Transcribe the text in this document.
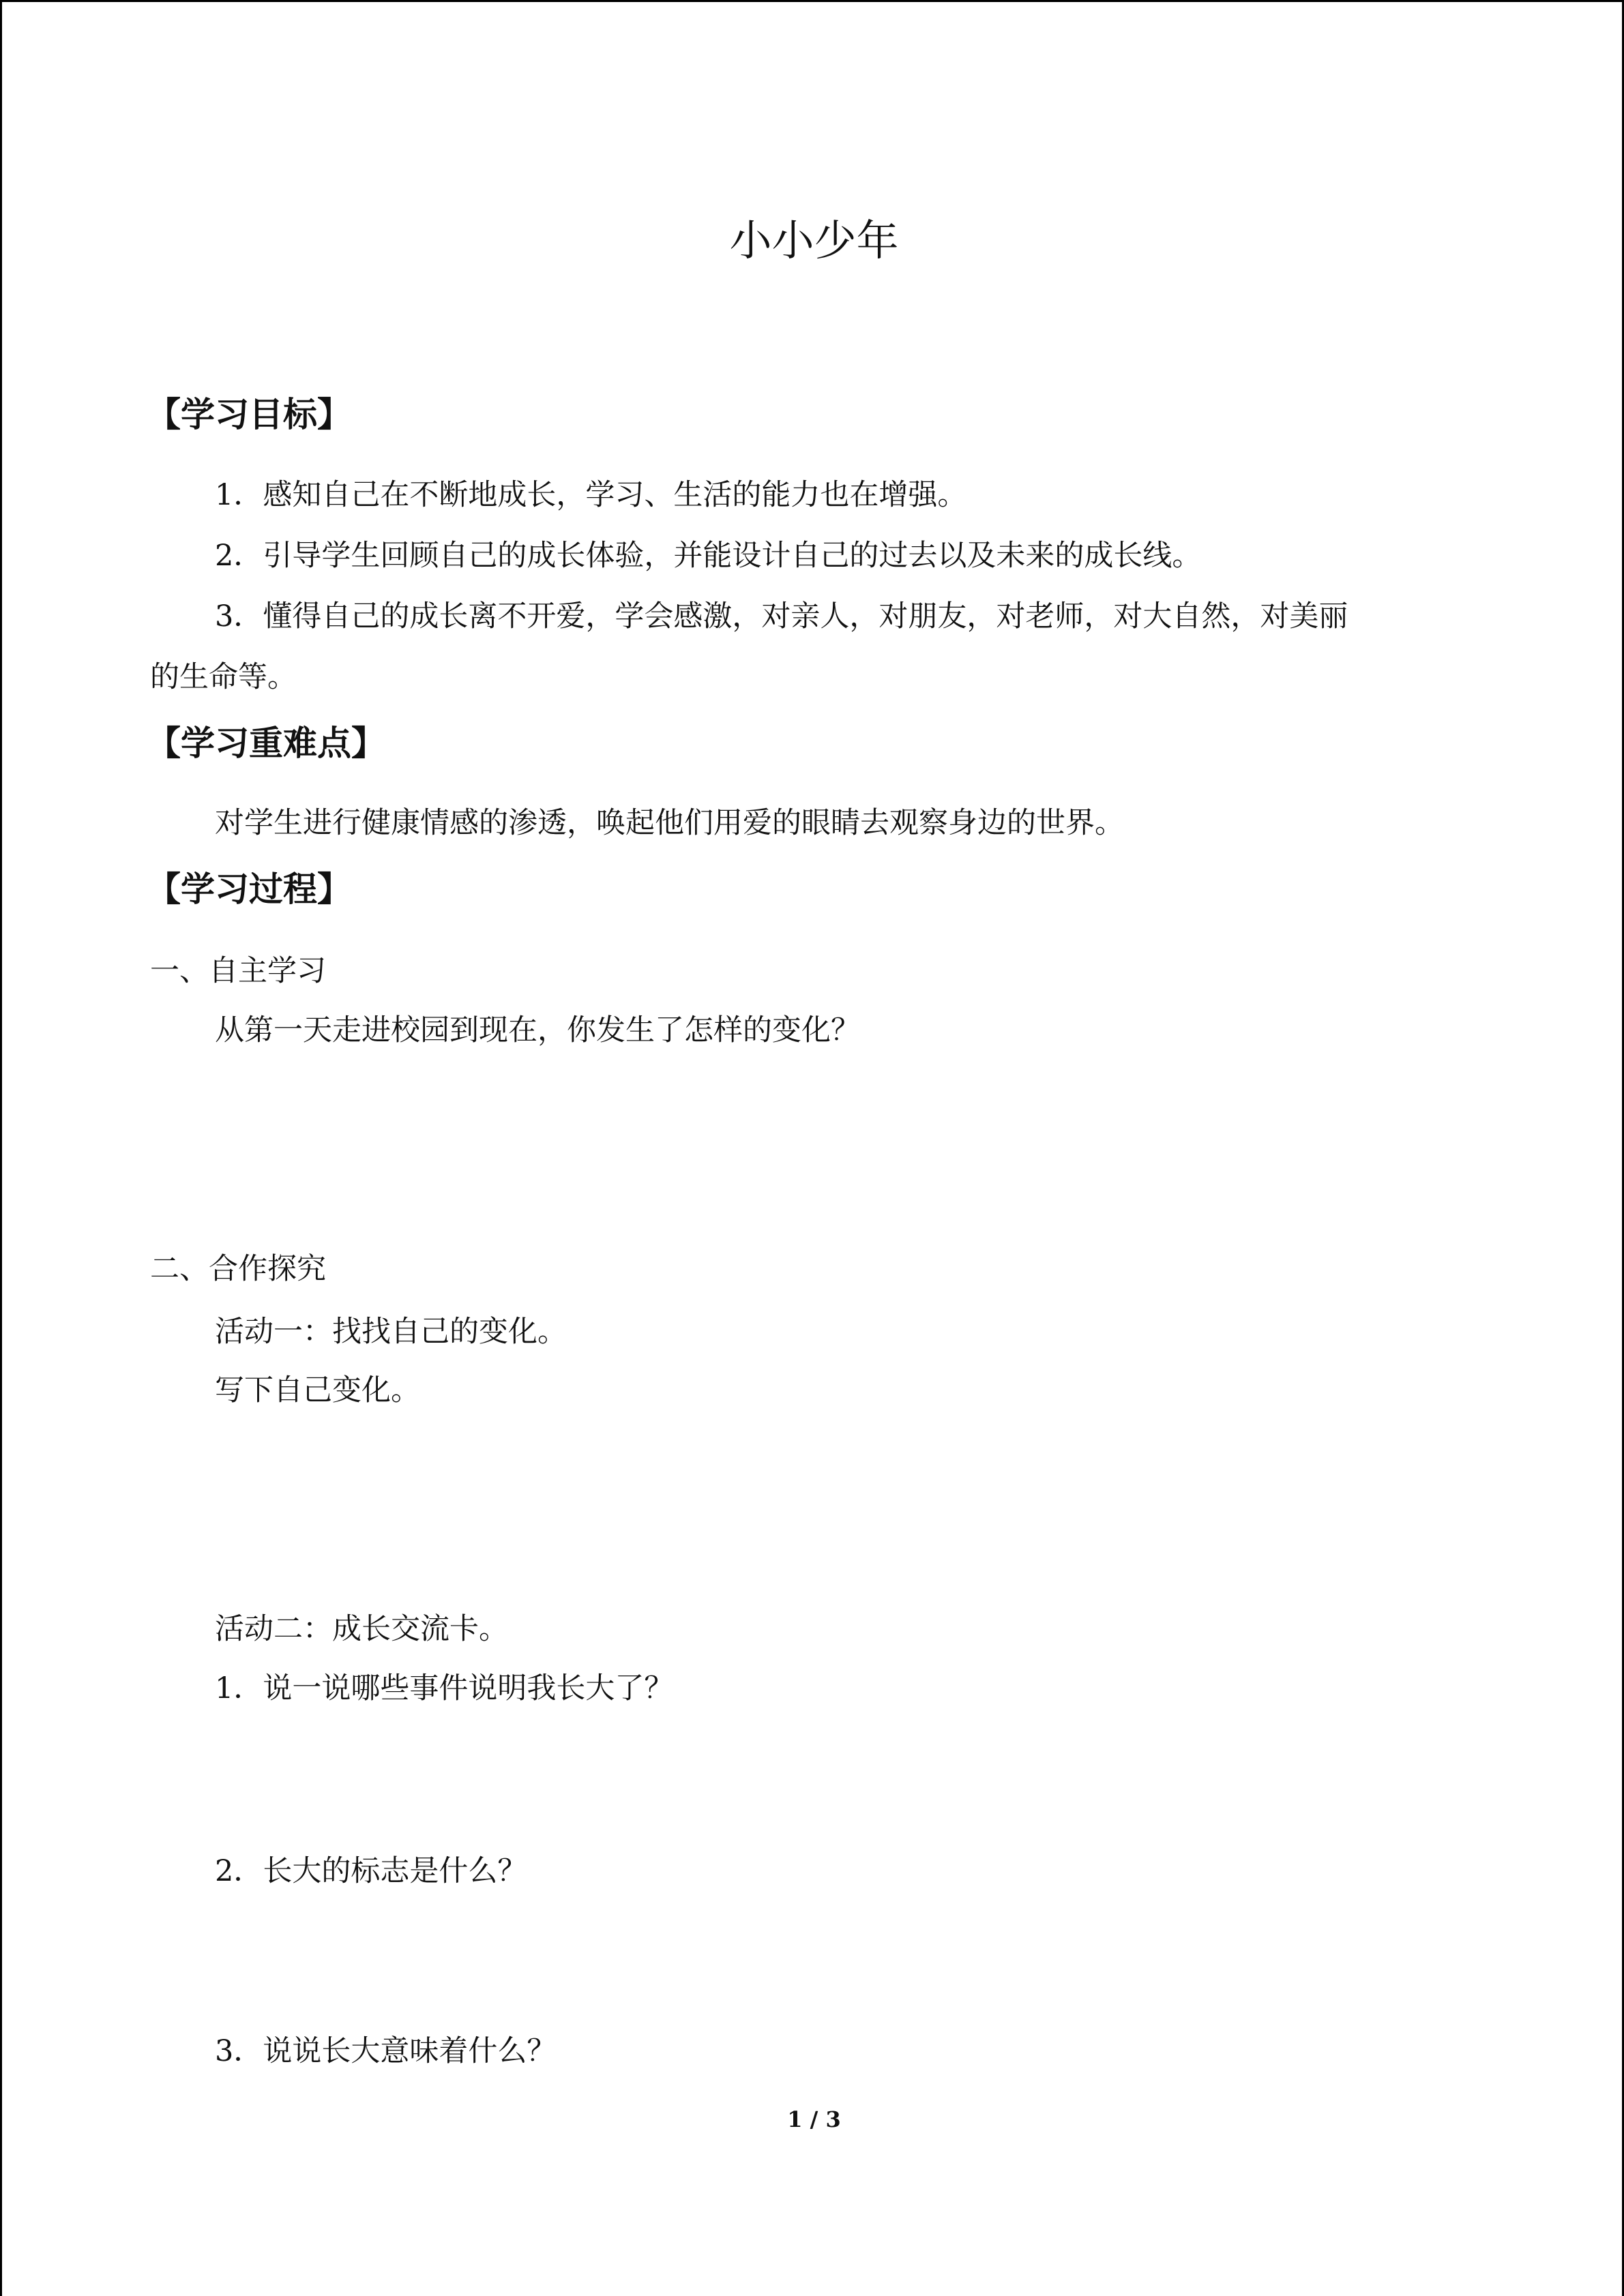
小小少年
【学习目标】
1．感知自己在不断地成长，学习、生活的能力也在增强。
2．引导学生回顾自己的成长体验，并能设计自己的过去以及未来的成长线。
3．懂得自己的成长离不开爱，学会感激，对亲人，对朋友，对老师，对大自然，对美丽
的生命等。
【学习重难点】
对学生进行健康情感的渗透，唤起他们用爱的眼睛去观察身边的世界。
【学习过程】
一、自主学习
从第一天走进校园到现在，你发生了怎样的变化？
二、合作探究
活动一：找找自己的变化。
写下自己变化。
活动二：成长交流卡。
1．说一说哪些事件说明我长大了？
2．长大的标志是什么？
3．说说长大意味着什么？
1 / 3
